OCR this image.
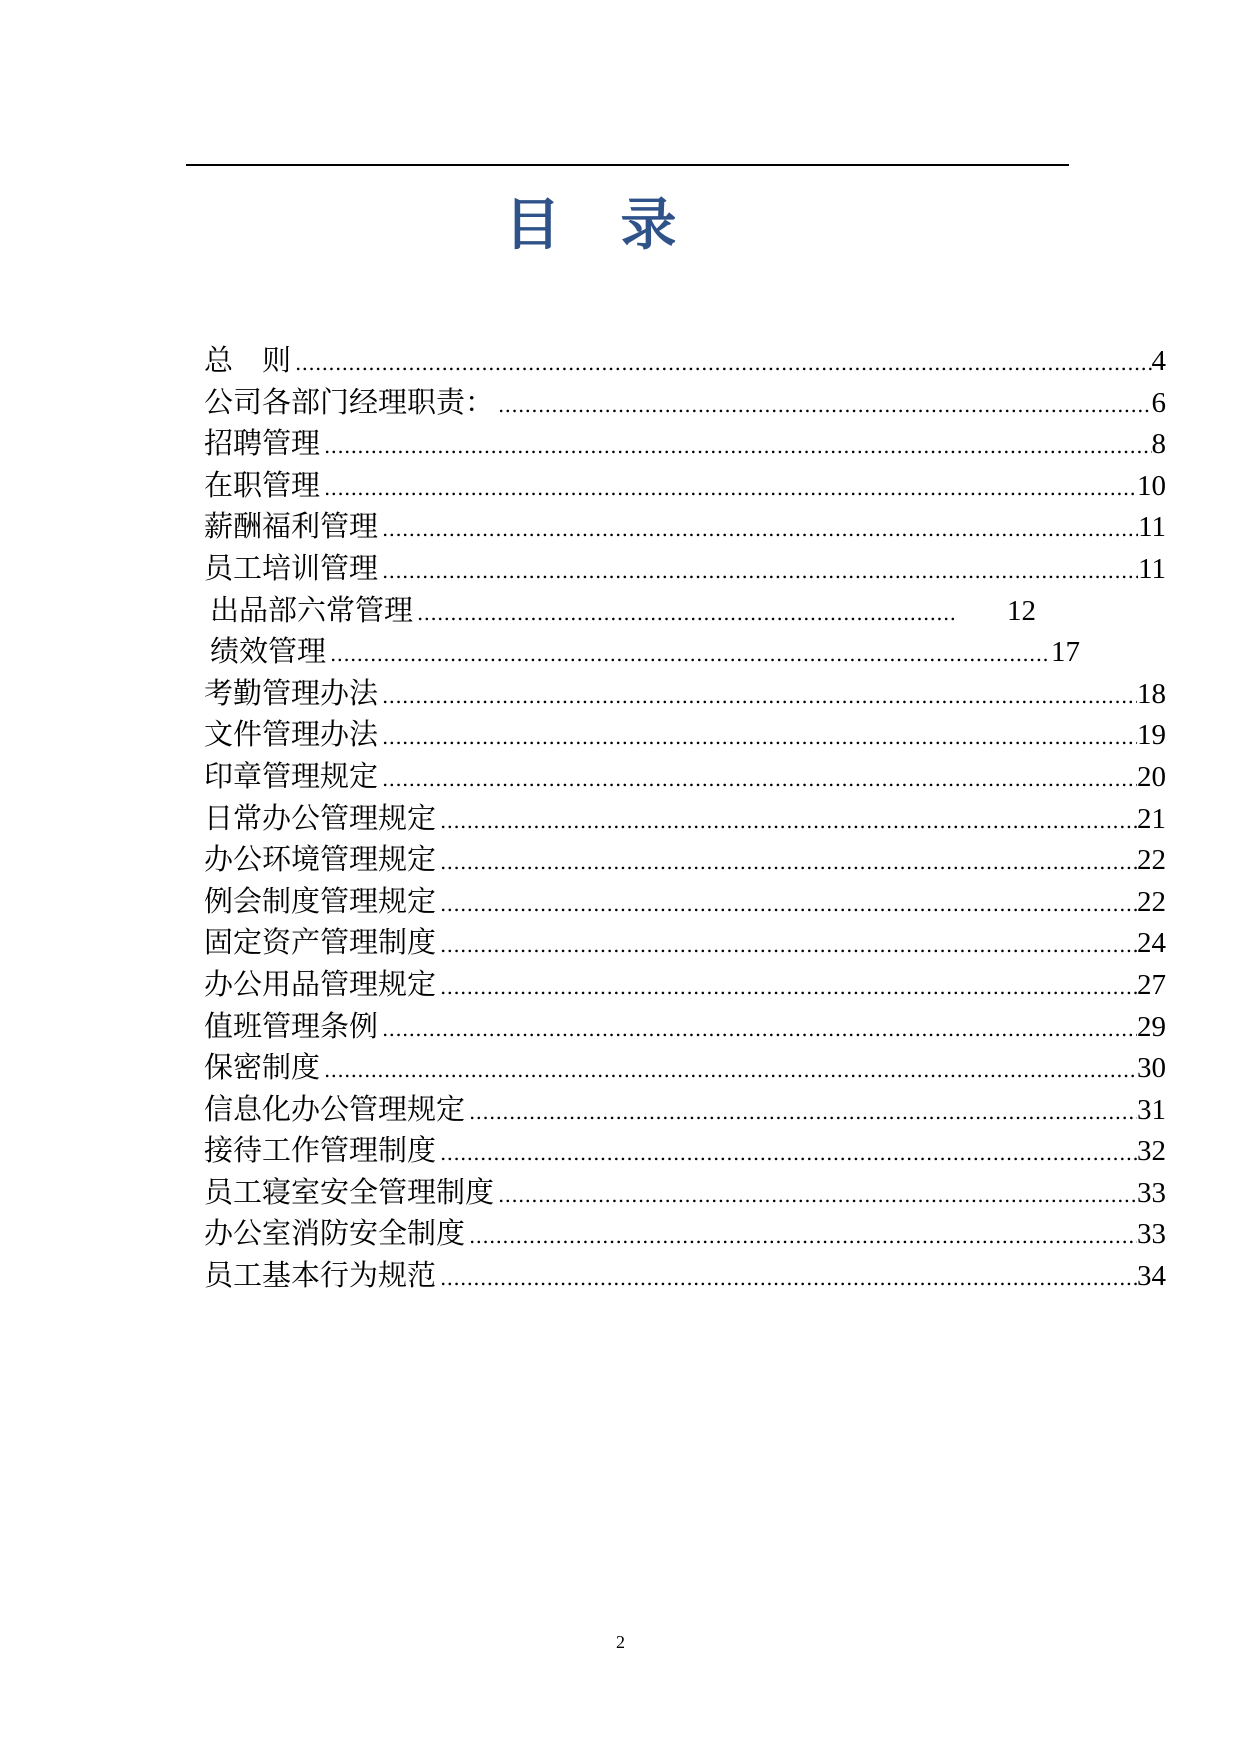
目录
总　则 .....	4
公司各部门经理职责： .....	6
招聘管理 .....	8
在职管理 .....	10
薪酬福利管理 .....	11
员工培训管理 .....	11
出品部六常管理 .....	12
绩效管理 .....	17
考勤管理办法 .....	18
文件管理办法 .....	19
印章管理规定 .....	20
日常办公管理规定 .....	21
办公环境管理规定 .....	22
例会制度管理规定 .....	22
固定资产管理制度 .....	24
办公用品管理规定 .....	27
值班管理条例 .....	29
保密制度 .....	30
信息化办公管理规定 .....	31
接待工作管理制度 .....	32
员工寝室安全管理制度 .....	33
办公室消防安全制度 .....	33
员工基本行为规范 .....	34
2
